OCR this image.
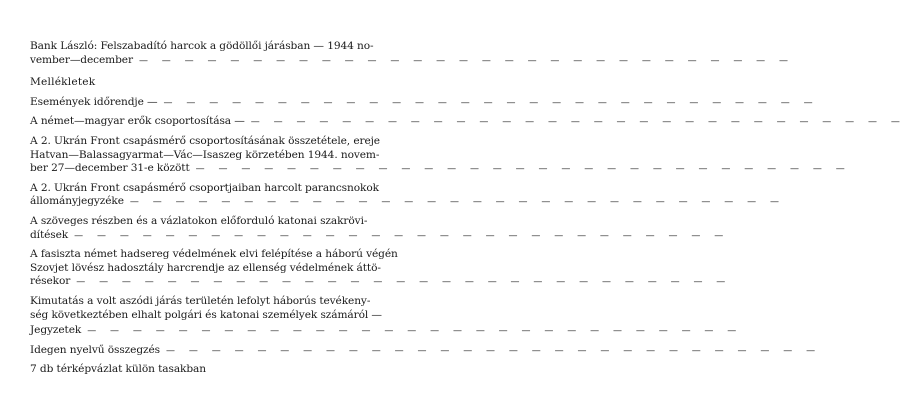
Bank László: Felszabadító harcok a gödöllői járásban — 1944 no-
vember—december — — — — — — — — — — — — — — — — — — — — — — — — — — — — —
Mellékletek
Események időrendje — — — — — — — — — — — — — — — — — — — — — — — — — — — — — —
A német—magyar erők csoportosítása — — — — — — — — — — — — — — — — — — — — — — — — — — — — — —
A 2. Ukrán Front csapásmérő csoportosításának összetétele, ereje
Hatvan—Balassagyarmat—Vác—Isaszeg körzetében 1944. novem-
ber 27—december 31-e között — — — — — — — — — — — — — — — — — — — — — — — — — — — — —
A 2. Ukrán Front csapásmérő csoportjaiban harcolt parancsnokok
állományjegyzéke — — — — — — — — — — — — — — — — — — — — — — — — — — — — —
A szöveges részben és a vázlatokon előforduló katonai szakrövi-
dítések — — — — — — — — — — — — — — — — — — — — — — — — — — — — —
A fasiszta német hadsereg védelmének elvi felépítése a háború végén
Szovjet lövész hadosztály harcrendje az ellenség védelmének áttö-
résekor — — — — — — — — — — — — — — — — — — — — — — — — — — — — —
Kimutatás a volt aszódi járás területén lefolyt háborús tevékeny-
ség következtében elhalt polgári és katonai személyek számáról —
Jegyzetek — — — — — — — — — — — — — — — — — — — — — — — — — — — — —
Idegen nyelvű összegzés — — — — — — — — — — — — — — — — — — — — — — — — — — — — —
7 db térképvázlat külön tasakban
